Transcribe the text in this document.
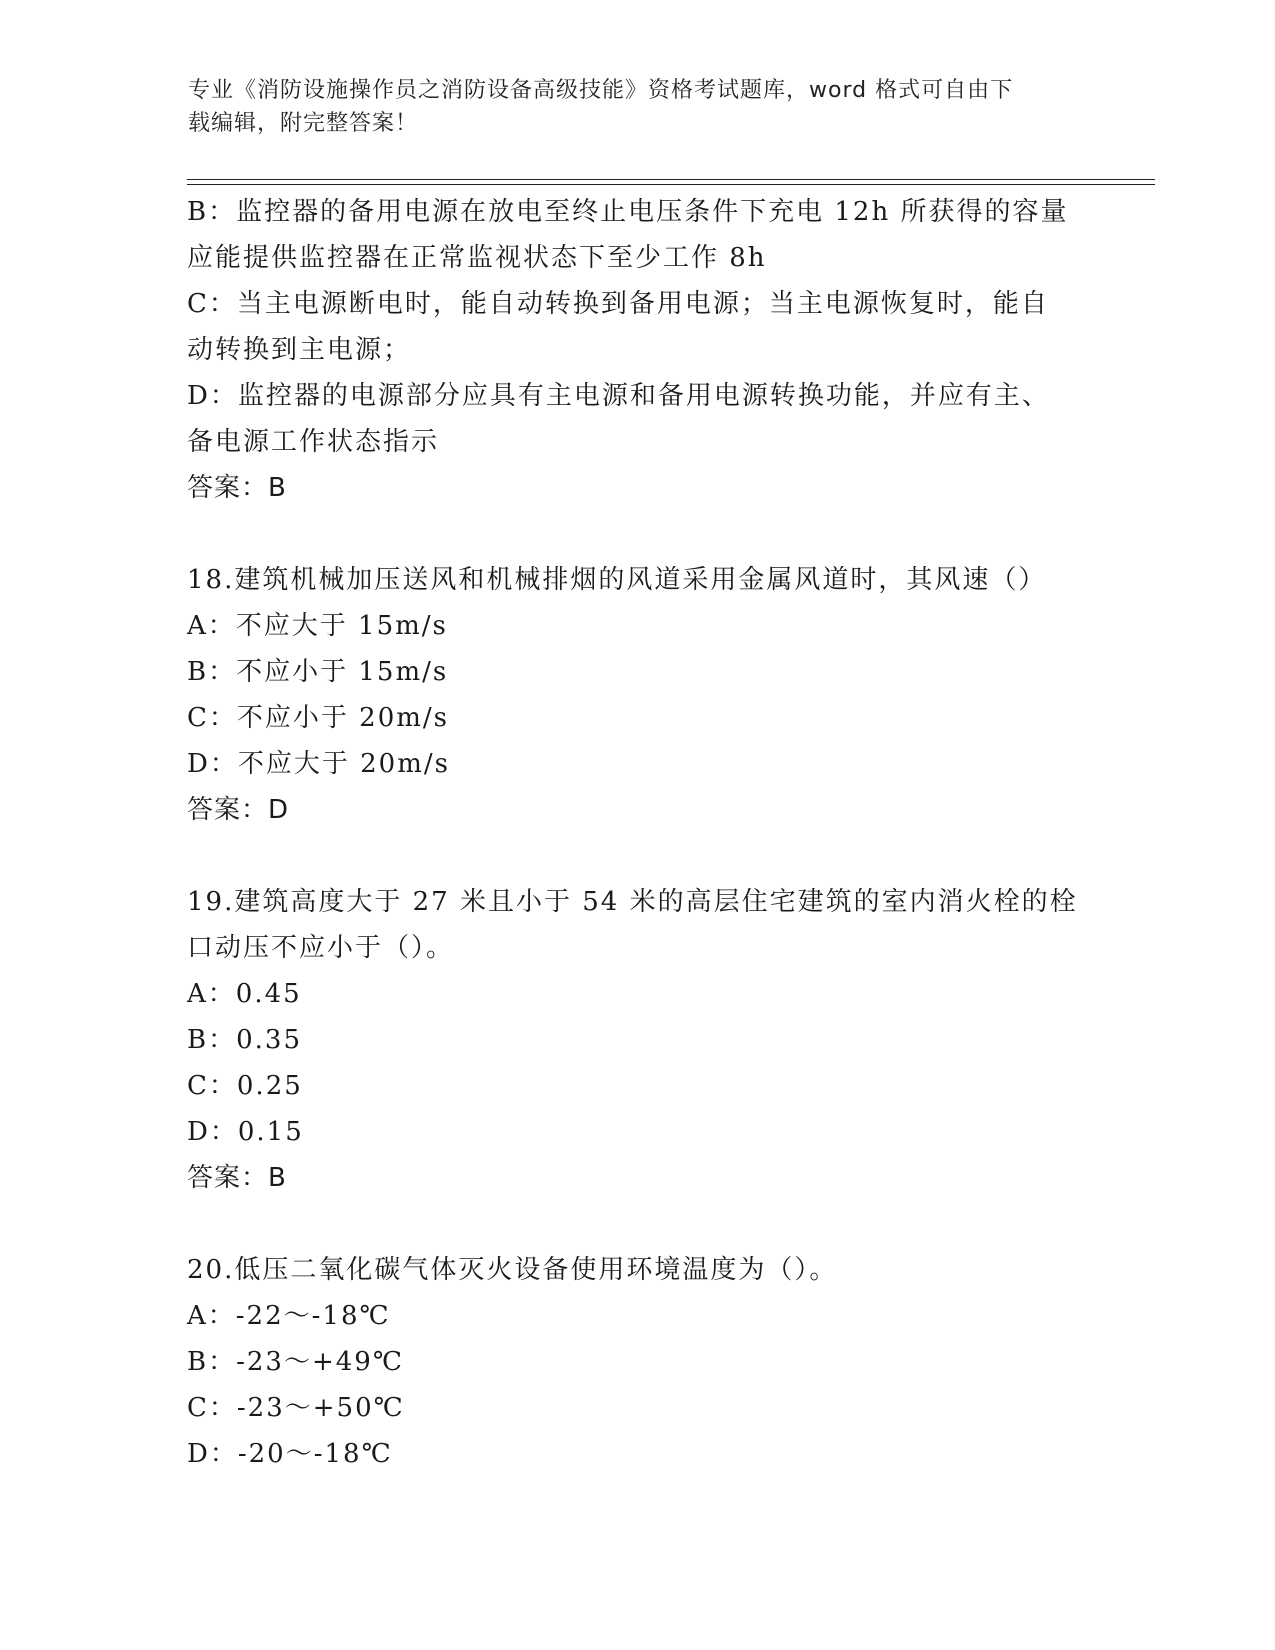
专业《消防设施操作员之消防设备高级技能》资格考试题库，word 格式可自由下
载编辑，附完整答案！
B：监控器的备用电源在放电至终止电压条件下充电 12h 所获得的容量
应能提供监控器在正常监视状态下至少工作 8h
C：当主电源断电时，能自动转换到备用电源；当主电源恢复时，能自
动转换到主电源；
D：监控器的电源部分应具有主电源和备用电源转换功能，并应有主、
备电源工作状态指示
答案：B
18.建筑机械加压送风和机械排烟的风道采用金属风道时，其风速（）
A：不应大于 15m/s
B：不应小于 15m/s
C：不应小于 20m/s
D：不应大于 20m/s
答案：D
19.建筑高度大于 27 米且小于 54 米的高层住宅建筑的室内消火栓的栓
口动压不应小于（）。
A：0.45
B：0.35
C：0.25
D：0.15
答案：B
20.低压二氧化碳气体灭火设备使用环境温度为（）。
A：-22～-18℃
B：-23～+49℃
C：-23～+50℃
D：-20～-18℃
